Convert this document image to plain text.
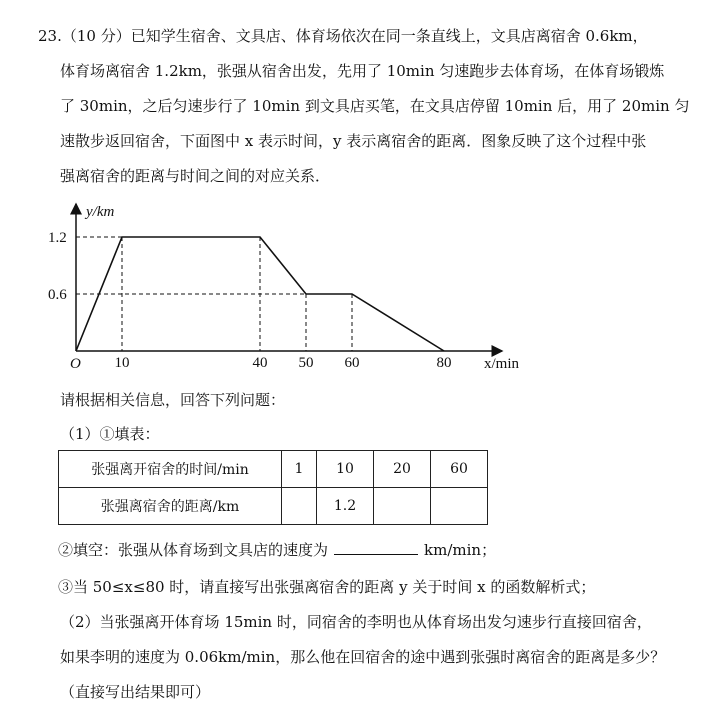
23.（10 分）已知学生宿舍、文具店、体育场依次在同一条直线上，文具店离宿舍 0.6km，
体育场离宿舍 1.2km，张强从宿舍出发，先用了 10min 匀速跑步去体育场，在体育场锻炼
了 30min，之后匀速步行了 10min 到文具店买笔，在文具店停留 10min 后，用了 20min 匀
速散步返回宿舍，下面图中 x 表示时间，y 表示离宿舍的距离．图象反映了这个过程中张
强离宿舍的距离与时间之间的对应关系．
1.2
0.6
10	40 50 60	80
O
y/km
x/min
请根据相关信息，回答下列问题：
（1）①填表：
张强离开宿舍的时间/min	1	10	20	60
张强离宿舍的距离/km		1.2		
②填空：张强从体育场到文具店的速度为	km/min；
③当 50≤x≤80 时，请直接写出张强离宿舍的距离 y 关于时间 x 的函数解析式；
（2）当张强离开体育场 15min 时，同宿舍的李明也从体育场出发匀速步行直接回宿舍，
如果李明的速度为 0.06km/min，那么他在回宿舍的途中遇到张强时离宿舍的距离是多少？
（直接写出结果即可）
